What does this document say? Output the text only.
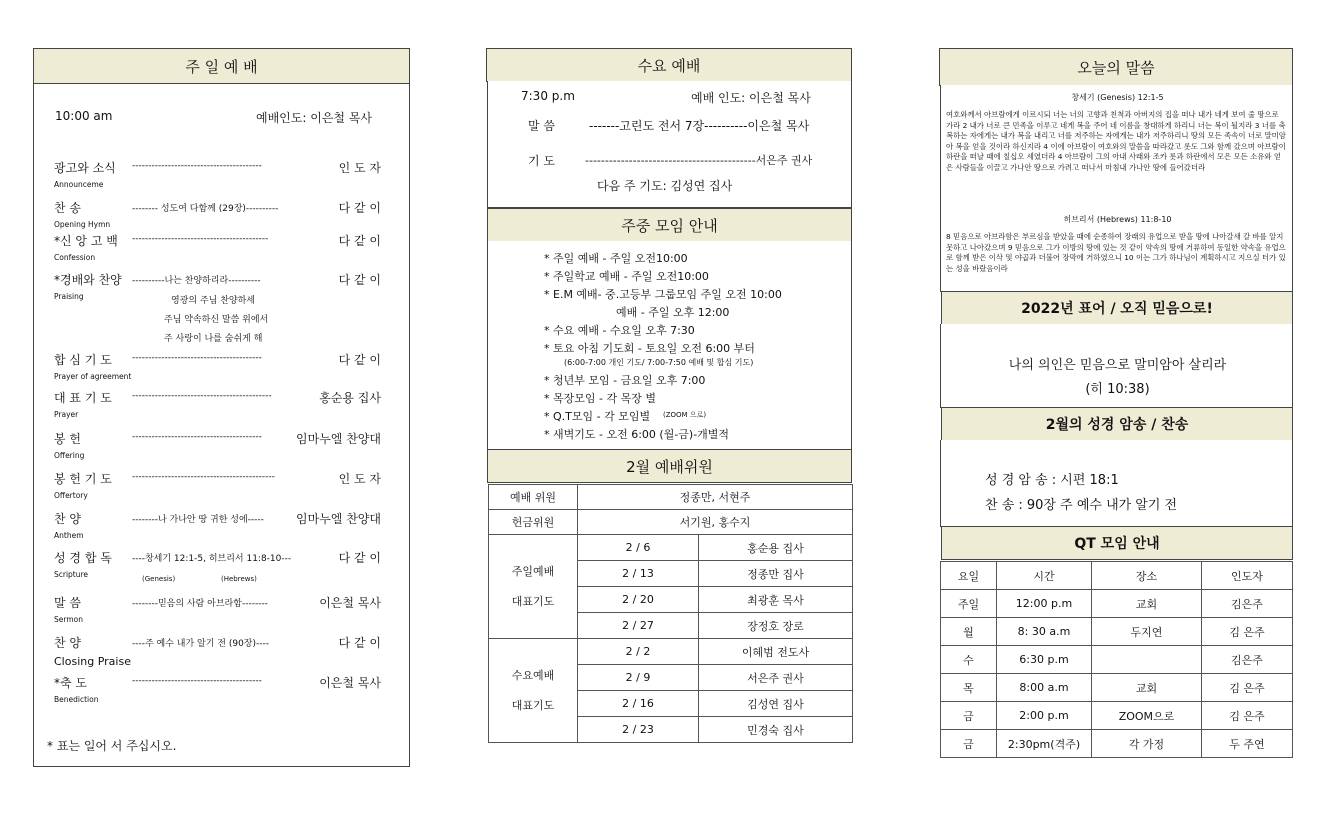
주 일 예 배
10:00 am	예배인도: 이은철 목사
광고와 소식 ----------------------------------------	인 도 자
Announceme
찬 송	-------- 성도여 다함께 (29장)----------	다 같 이
Opening Hymn
*신 앙 고 백 ------------------------------------------	다 같 이
Confession
*경배와 찬양 ----------나는 찬양하리라----------	다 같 이
Praising
합 심 기 도 ----------------------------------------	다 같 이
Prayer of agreement
대 표 기 도 -------------------------------------------	홍순용 집사
Prayer
봉 헌	----------------------------------------	임마누엘 찬양대
Offering
봉 헌 기 도 --------------------------------------------	인 도 자
Offertory
찬 양	--------나 가나안 땅 귀한 성에-----	임마누엘 찬양대
Anthem
성 경 합 독 ----창세기 12:1-5, 히브리서 11:8-10---	다 같 이
Scripture
말 씀	--------믿음의 사람 아브라함--------	이은철 목사
Sermon
찬 양	----주 예수 내가 알기 전 (90장)----	다 같 이
Closing Praise
*축 도	----------------------------------------	이은철 목사
Benediction
영광의 주님 찬양하세
주님 약속하신 말씀 위에서
주 사랑이 나를 숨쉬게 해
(Genesis)	(Hebrews)
* 표는 일어 서 주십시오.
수요 예배
7:30 p.m	예배 인도: 이은철 목사
말 씀	-------고린도 전서 7장----------이은철 목사
기 도	-------------------------------------------서은주 권사
다음 주 기도: 김성연 집사
주중 모임 안내
* 주일 예배 - 주일 오전10:00
* 주일학교 예배 - 주일 오전10:00
* E.M 예배- 중.고등부 그룹모임 주일 오전 10:00
예배 - 주일 오후 12:00
* 수요 예배 - 수요일 오후 7:30
* 토요 아침 기도회 - 토요일 오전 6:00 부터
(6:00-7:00 개인 기도/ 7:00-7:50 예배 및 합심 기도)
* 청년부 모임 - 금요일 오후 7:00
* 목장모임 - 각 목장 별
* Q.T모임 - 각 모임별 (ZOOM 으로)
* 새벽기도 - 오전 6:00 (월-금)-개별적
2월 예배위원
예배 위원	정종만, 서현주	
헌금위원	서기원, 홍수지	

주일예배
대표기도	2 / 6	홍순용 집사
	2 / 13	정종만 집사
	2 / 20	최광훈 목사
	2 / 27	장정호 장로

수요예배
대표기도	2 / 2	이혜범 전도사
	2 / 9	서은주 권사
	2 / 16	김성연 집사
	2 / 23	민경숙 집사
오늘의 말씀
창세기 (Genesis) 12:1-5
여호와께서 아브람에게 이르시되 너는 너의 고향과 친척과 아버지의 집을 떠나 내가 네게 보여 줄 땅으로 가라 2 내가 너로 큰 민족을 이루고 네게 복을 주어 네 이름을 창대하게 하리니 너는 복이 될지라 3 너를 축복하는 자에게는 내가 복을 내리고 너를 저주하는 자에게는 내가 저주하리니 땅의 모든 족속이 너로 말미암아 복을 얻을 것이라 하신지라 4 이에 아브람이 여호와의 말씀을 따라갔고 롯도 그와 함께 갔으며 아브람이 하란을 떠날 때에 칠십오 세였더라 4 아브람이 그의 아내 사래와 조카 롯과 하란에서 모은 모든 소유와 얻은 사람들을 이끌고 가나안 땅으로 가려고 떠나서 마침내 가나안 땅에 들어갔더라
히브리서 (Hebrews) 11:8-10
8 믿음으로 아브라함은 부르심을 받았을 때에 순종하여 장래의 유업으로 받을 땅에 나아갈새 갈 바를 알지 못하고 나아갔으며 9 믿음으로 그가 이방의 땅에 있는 것 같이 약속의 땅에 거류하여 동일한 약속을 유업으로 함께 받은 이삭 및 야곱과 더불어 장막에 거하였으니 10 이는 그가 하나님이 계획하시고 지으실 터가 있는 성을 바랐음이라
2022년 표어 / 오직 믿음으로!
나의 의인은 믿음으로 말미암아 살리라
(히 10:38)
2월의 성경 암송 / 찬송
성 경 암 송 : 시편 18:1
찬 송 : 90장 주 예수 내가 알기 전
QT 모임 안내
요일	시간	장소	인도자
주일	12:00 p.m	교회	김은주
월	8: 30 a.m	두지연	김 은주
수	6:30 p.m		김은주
목	8:00 a.m	교회	김 은주
금	2:00 p.m	ZOOM으로	김 은주
금	2:30pm(격주)	각 가정	두 주연
